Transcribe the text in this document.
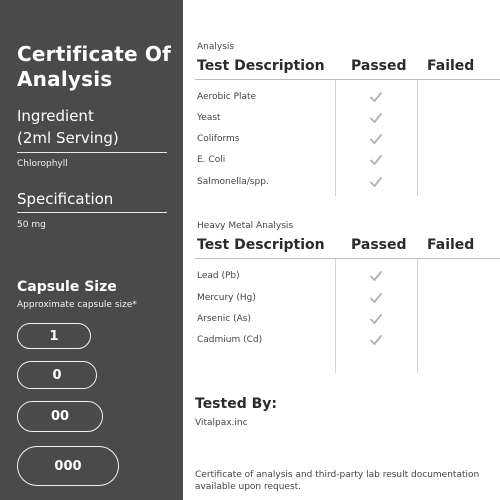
Certificate Of Analysis
Ingredient
(2ml Serving)
Chlorophyll
Specification
50 mg
Capsule Size
Approximate capsule size*
1
0
00
000
Analysis
Test Description Passed Failed
Aerobic Plate
Yeast
Coliforms
E. Coli
Salmonella/spp.
Heavy Metal Analysis
Test Description Passed Failed
Lead (Pb)
Mercury (Hg)
Arsenic (As)
Cadmium (Cd)
Tested By:
Vitalpax.inc
Certificate of analysis and third-party lab result documentation available upon request.
